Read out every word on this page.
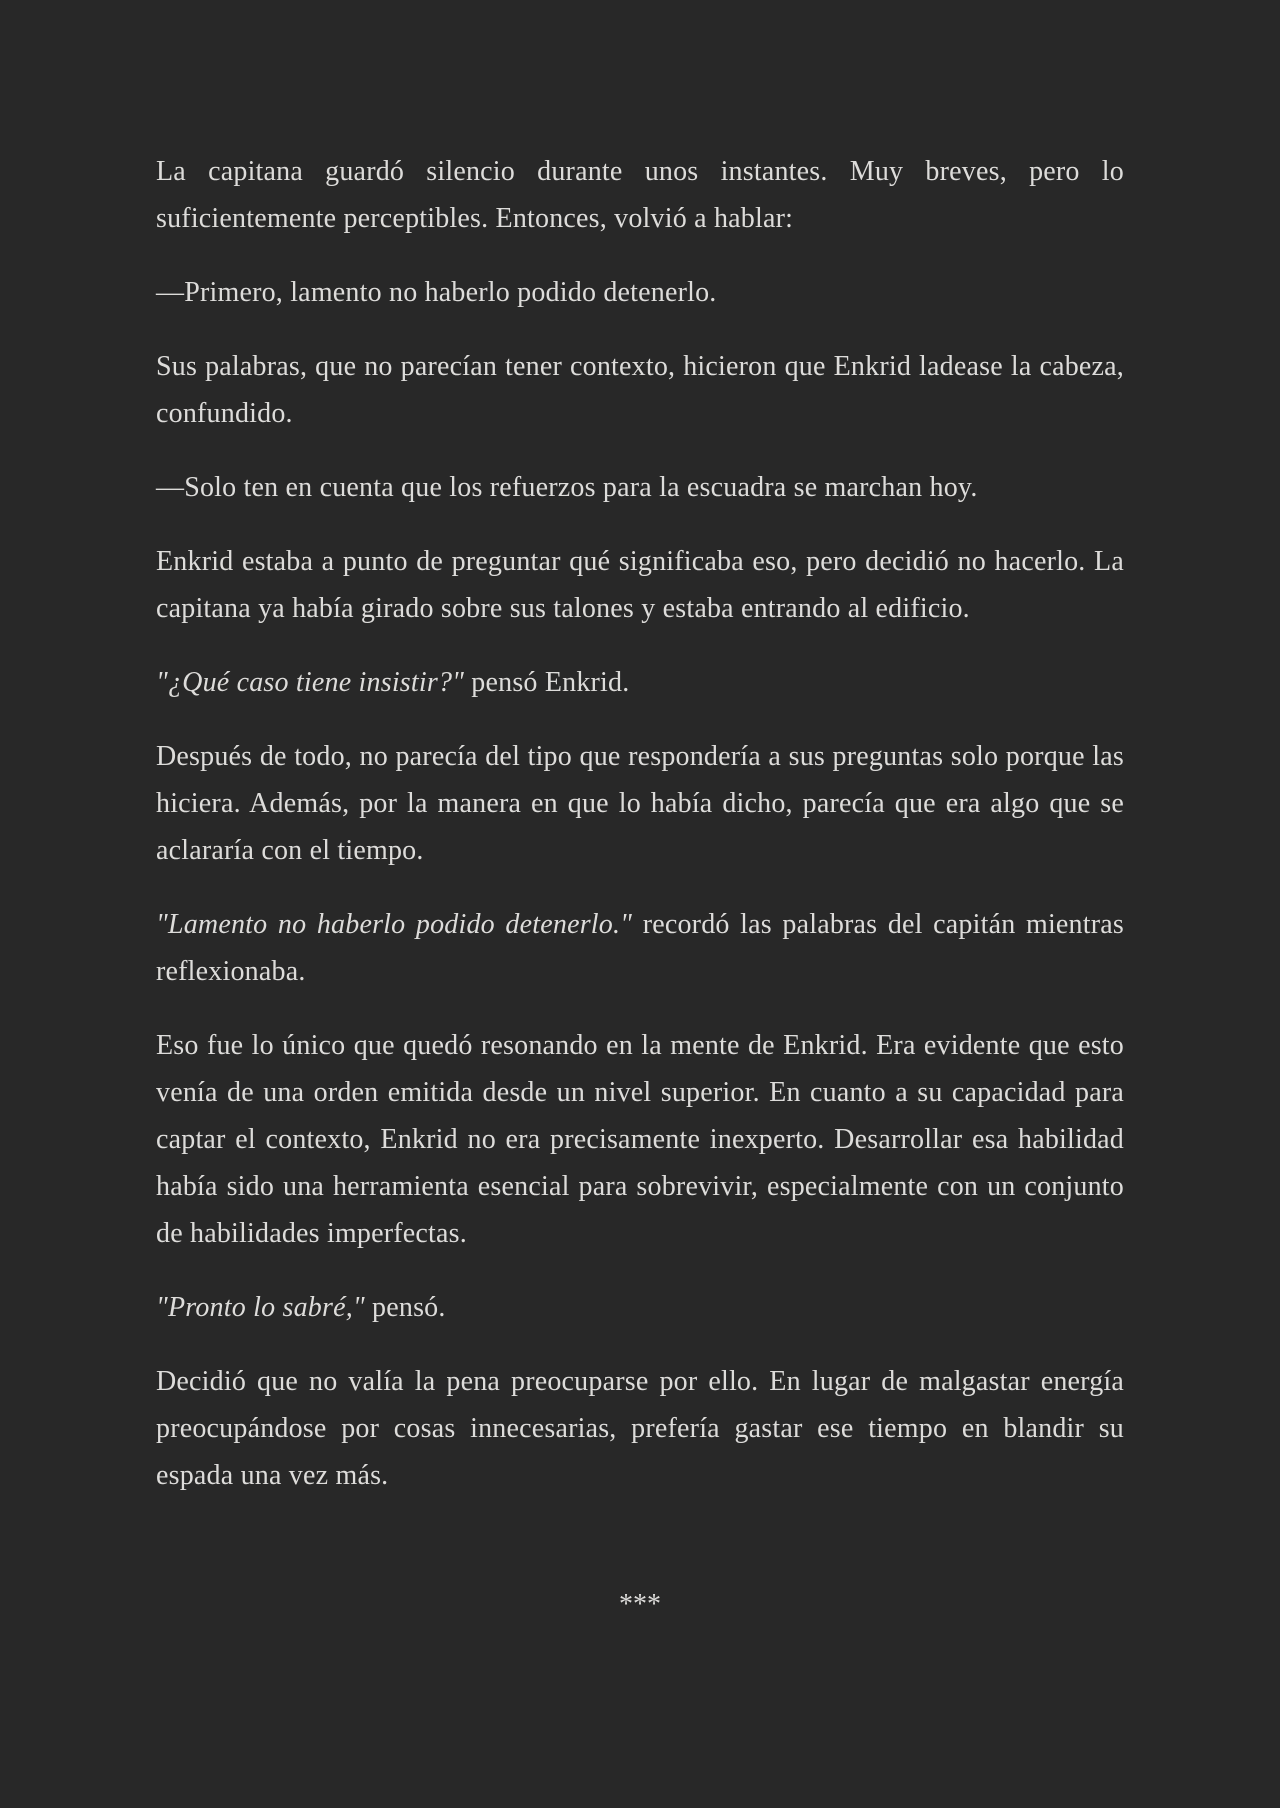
La capitana guardó silencio durante unos instantes. Muy breves, pero lo suficientemente perceptibles. Entonces, volvió a hablar:

—Primero, lamento no haberlo podido detenerlo.

Sus palabras, que no parecían tener contexto, hicieron que Enkrid ladease la cabeza, confundido.

—Solo ten en cuenta que los refuerzos para la escuadra se marchan hoy.

Enkrid estaba a punto de preguntar qué significaba eso, pero decidió no hacerlo. La capitana ya había girado sobre sus talones y estaba entrando al edificio.

"¿Qué caso tiene insistir?" pensó Enkrid.

Después de todo, no parecía del tipo que respondería a sus preguntas solo porque las hiciera. Además, por la manera en que lo había dicho, parecía que era algo que se aclararía con el tiempo.

"Lamento no haberlo podido detenerlo." recordó las palabras del capitán mientras reflexionaba.

Eso fue lo único que quedó resonando en la mente de Enkrid. Era evidente que esto venía de una orden emitida desde un nivel superior. En cuanto a su capacidad para captar el contexto, Enkrid no era precisamente inexperto. Desarrollar esa habilidad había sido una herramienta esencial para sobrevivir, especialmente con un conjunto de habilidades imperfectas.

"Pronto lo sabré," pensó.

Decidió que no valía la pena preocuparse por ello. En lugar de malgastar energía preocupándose por cosas innecesarias, prefería gastar ese tiempo en blandir su espada una vez más.

***
